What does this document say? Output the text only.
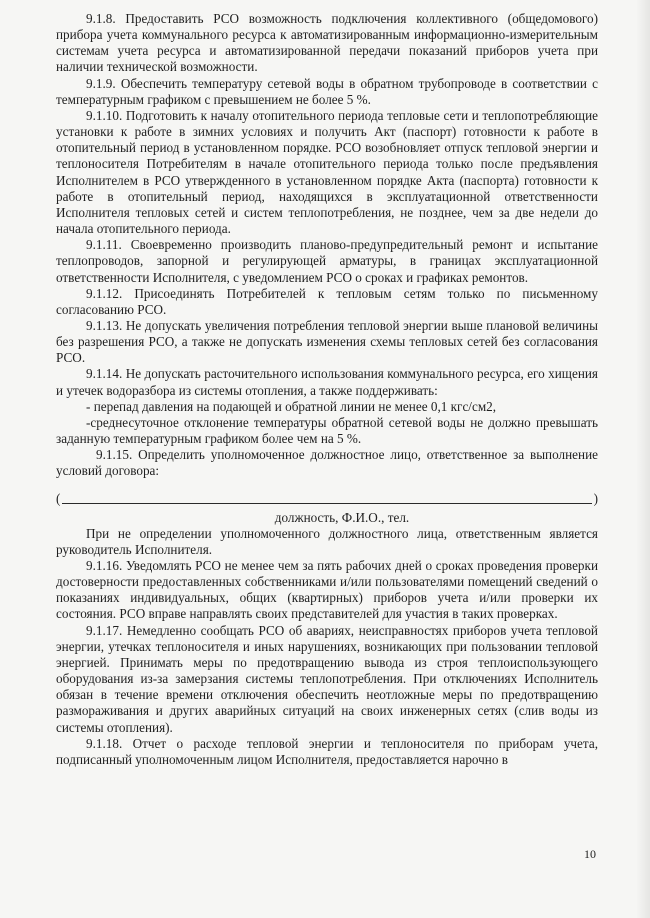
9.1.8. Предоставить РСО возможность подключения коллективного (общедомового) прибора учета коммунального ресурса к автоматизированным информационно-измерительным системам учета ресурса и автоматизированной передачи показаний приборов учета при наличии технической возможности.

9.1.9. Обеспечить температуру сетевой воды в обратном трубопроводе в соответствии с температурным графиком с превышением не более 5 %.

9.1.10. Подготовить к началу отопительного периода тепловые сети и теплопотребляющие установки к работе в зимних условиях и получить Акт (паспорт) готовности к работе в отопительный период в установленном порядке. РСО возобновляет отпуск тепловой энергии и теплоносителя Потребителям в начале отопительного периода только после предъявления Исполнителем в РСО утвержденного в установленном порядке Акта (паспорта) готовности к работе в отопительный период, находящихся в эксплуатационной ответственности Исполнителя тепловых сетей и систем теплопотребления, не позднее, чем за две недели до начала отопительного периода.

9.1.11. Своевременно производить планово-предупредительный ремонт и испытание теплопроводов, запорной и регулирующей арматуры, в границах эксплуатационной ответственности Исполнителя, с уведомлением РСО о сроках и графиках ремонтов.

9.1.12. Присоединять Потребителей к тепловым сетям только по письменному согласованию РСО.

9.1.13. Не допускать увеличения потребления тепловой энергии выше плановой величины без разрешения РСО, а также не допускать изменения схемы тепловых сетей без согласования РСО.

9.1.14. Не допускать расточительного использования коммунального ресурса, его хищения и утечек водоразбора из системы отопления, а также поддерживать:

- перепад давления на подающей и обратной линии не менее 0,1 кгс/см2,

-среднесуточное отклонение температуры обратной сетевой воды не должно превышать заданную температурным графиком более чем на 5 %.

9.1.15. Определить уполномоченное должностное лицо, ответственное за выполнение условий договора:

(	)
должность, Ф.И.О., тел.

При не определении уполномоченного должностного лица, ответственным является руководитель Исполнителя.

9.1.16. Уведомлять РСО не менее чем за пять рабочих дней о сроках проведения проверки достоверности предоставленных собственниками и/или пользователями помещений сведений о показаниях индивидуальных, общих (квартирных) приборов учета и/или проверки их состояния. РСО вправе направлять своих представителей для участия в таких проверках.

9.1.17. Немедленно сообщать РСО об авариях, неисправностях приборов учета тепловой энергии, утечках теплоносителя и иных нарушениях, возникающих при пользовании тепловой энергией. Принимать меры по предотвращению вывода из строя теплоиспользующего оборудования из-за замерзания системы теплопотребления. При отключениях Исполнитель обязан в течение времени отключения обеспечить неотложные меры по предотвращению размораживания и других аварийных ситуаций на своих инженерных сетях (слив воды из системы отопления).

9.1.18. Отчет о расходе тепловой энергии и теплоносителя по приборам учета, подписанный уполномоченным лицом Исполнителя, предоставляется нарочно в

10
